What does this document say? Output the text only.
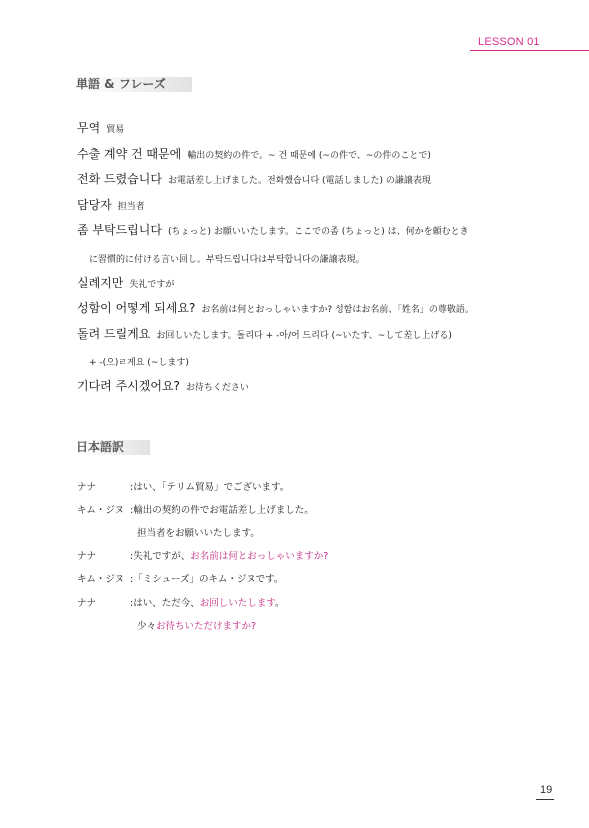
LESSON 01
単語 & フレーズ
무역 貿易
수출 계약 건 때문에 輸出の契約の件で。~ 건 때문에 (~の件で、~の件のことで)
전화 드렸습니다 お電話差し上げました。전화했습니다 (電話しました) の謙譲表現
담당자 担当者
좀 부탁드립니다 (ちょっと) お願いいたします。ここでの좀 (ちょっと) は、何かを頼むとき
に習慣的に付ける言い回し。부탁드립니다は부탁합니다の謙譲表現。
실례지만 失礼ですが
성함이 어떻게 되세요? お名前は何とおっしゃいますか? 성함はお名前、「姓名」の尊敬語。
돌려 드릴게요 お回しいたします。돌리다 + -아/어 드리다 (~いたす、~して差し上げる)
+ -(으)ㄹ게요 (~します)
기다려 주시겠어요? お待ちください
日本語訳
ナナ	:はい、「テリム貿易」でございます。
キム・ジヌ :輸出の契約の件でお電話差し上げました。
担当者をお願いいたします。
ナナ	:失礼ですが、お名前は何とおっしゃいますか?
キム・ジヌ :「ミシューズ」のキム・ジヌです。
ナナ	:はい、ただ今、お回しいたします。
少々お待ちいただけますか?
19
